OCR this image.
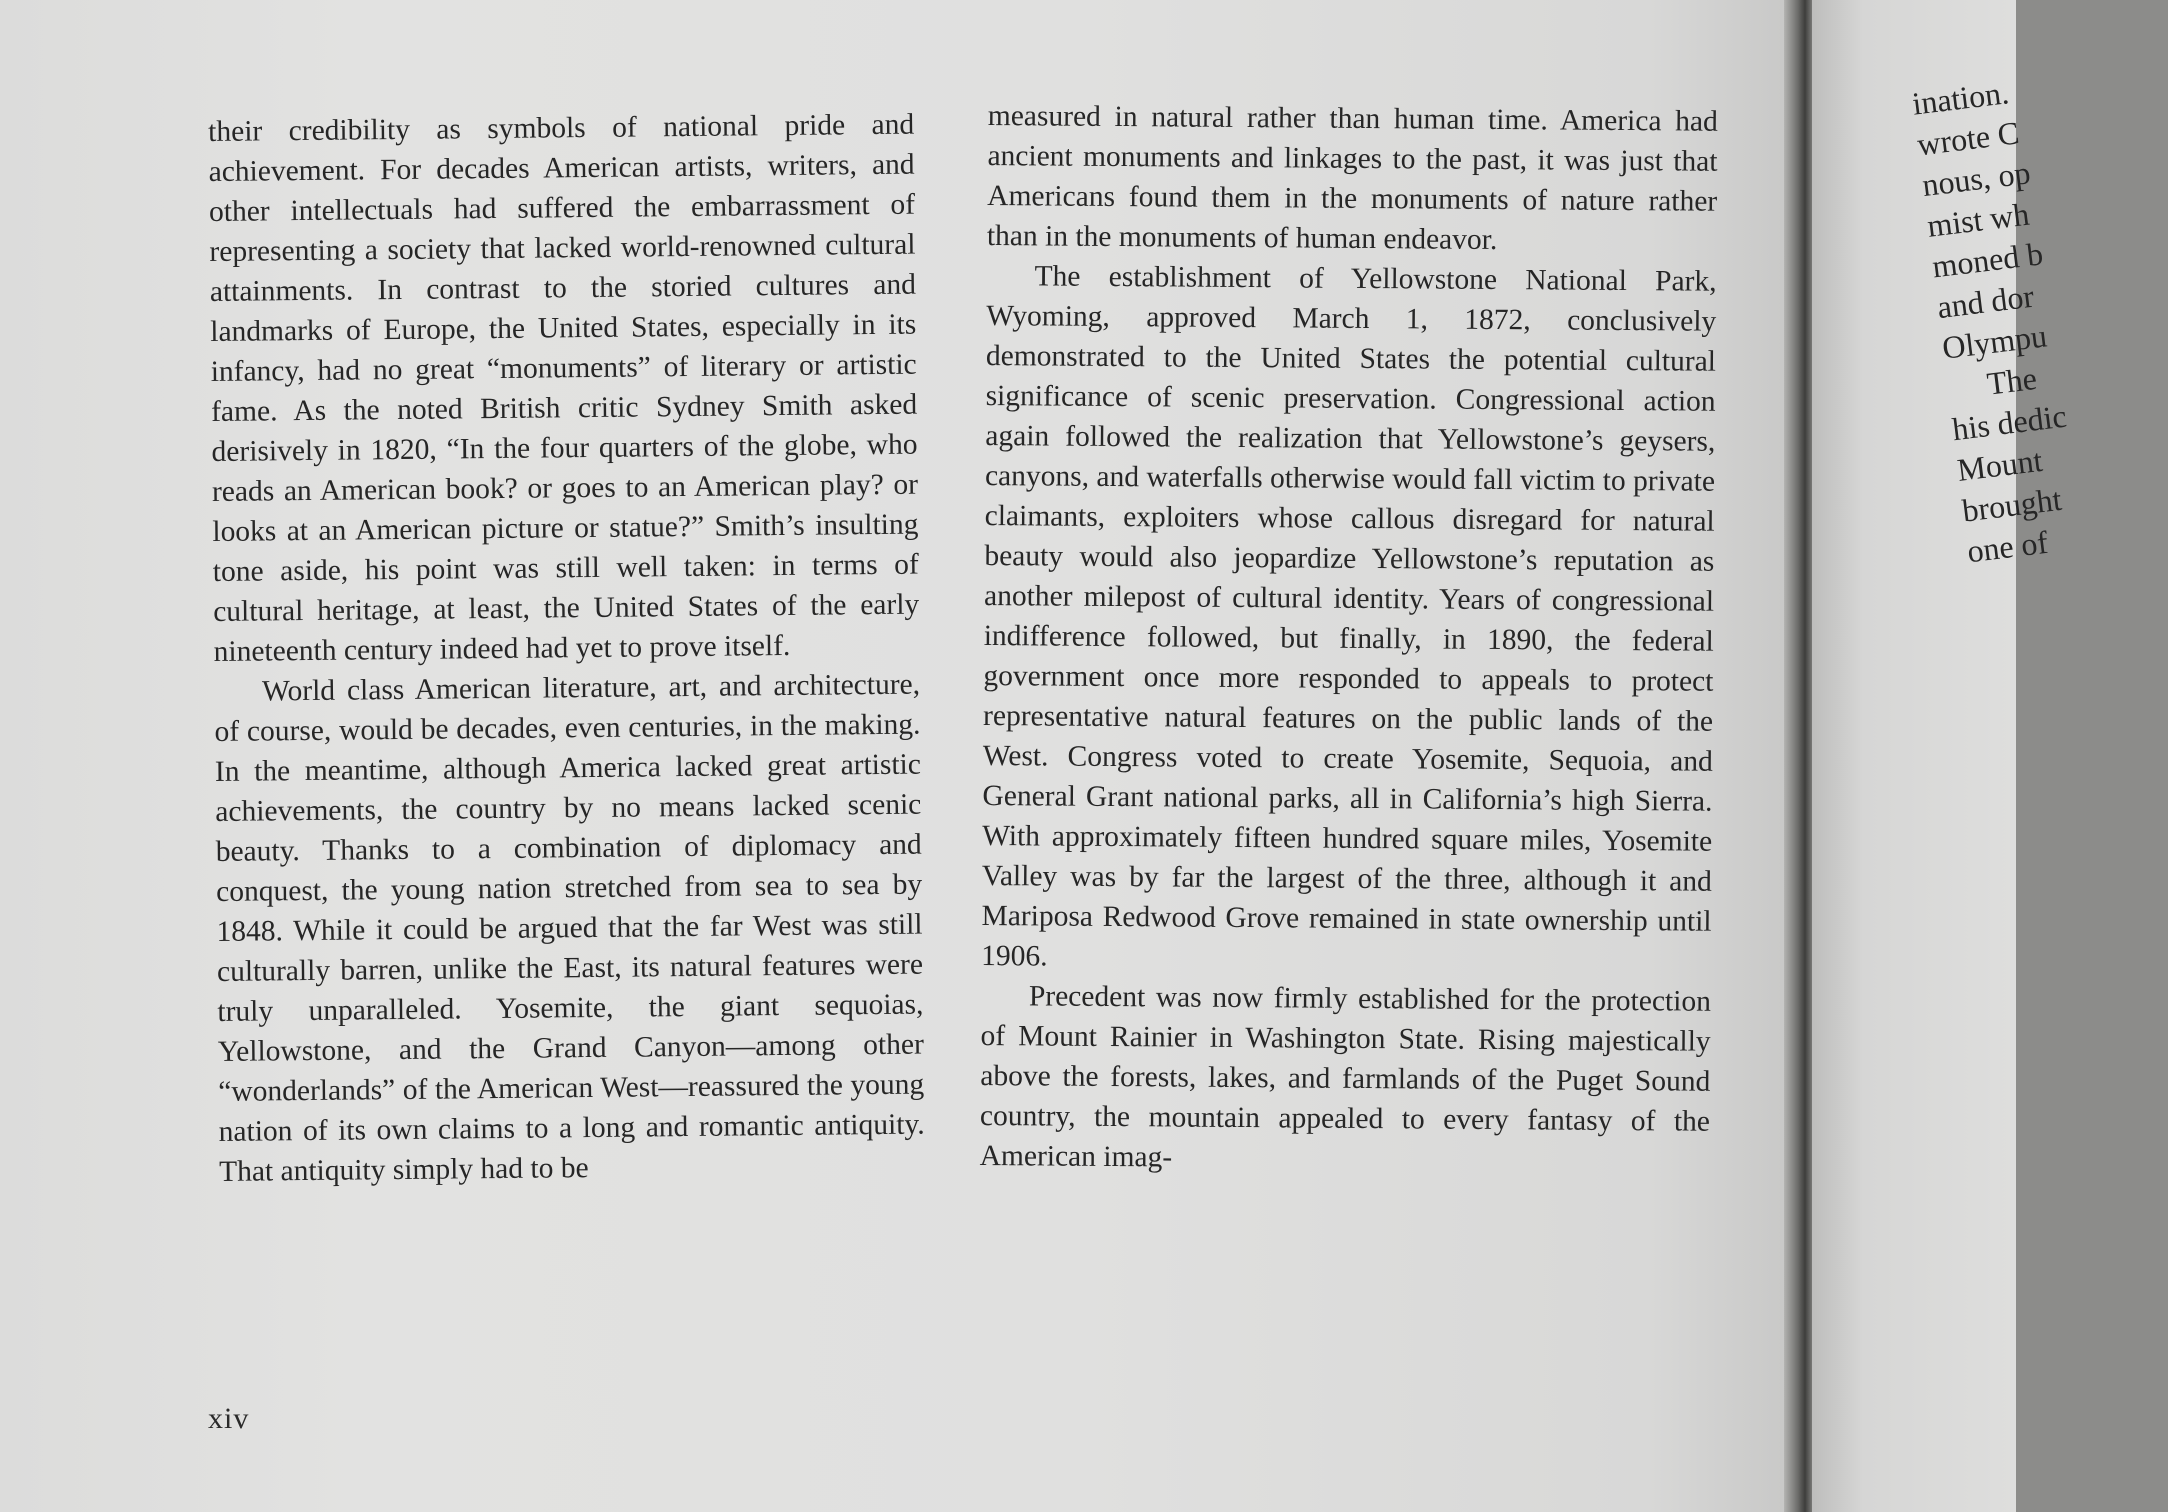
their credibility as symbols of national pride and achievement. For decades American artists, writers, and other intellectuals had suffered the embarrassment of representing a society that lacked world-renowned cultural attainments. In contrast to the storied cultures and landmarks of Europe, the United States, especially in its infancy, had no great “monuments” of literary or artistic fame. As the noted British critic Sydney Smith asked derisively in 1820, “In the four quarters of the globe, who reads an American book? or goes to an American play? or looks at an American picture or statue?” Smith’s insulting tone aside, his point was still well taken: in terms of cultural heritage, at least, the United States of the early nineteenth century indeed had yet to prove itself.

World class American literature, art, and architecture, of course, would be decades, even centuries, in the making. In the meantime, although America lacked great artistic achievements, the country by no means lacked scenic beauty. Thanks to a combination of diplomacy and conquest, the young nation stretched from sea to sea by 1848. While it could be argued that the far West was still culturally barren, unlike the East, its natural features were truly unparalleled. Yosemite, the giant sequoias, Yellowstone, and the Grand Canyon—among other “wonderlands” of the American West—reassured the young nation of its own claims to a long and romantic antiquity. That antiquity simply had to be

measured in natural rather than human time. America had ancient monuments and linkages to the past, it was just that Americans found them in the monuments of nature rather than in the monuments of human endeavor.

The establishment of Yellowstone National Park, Wyoming, approved March 1, 1872, conclusively demonstrated to the United States the potential cultural significance of scenic preservation. Congressional action again followed the realization that Yellowstone’s geysers, canyons, and waterfalls otherwise would fall victim to private claimants, exploiters whose callous disregard for natural beauty would also jeopardize Yellowstone’s reputation as another milepost of cultural identity. Years of congressional indifference followed, but finally, in 1890, the federal government once more responded to appeals to protect representative natural features on the public lands of the West. Congress voted to create Yosemite, Sequoia, and General Grant national parks, all in California’s high Sierra. With approximately fifteen hundred square miles, Yosemite Valley was by far the largest of the three, although it and Mariposa Redwood Grove remained in state ownership until 1906.

Precedent was now firmly established for the protection of Mount Rainier in Washington State. Rising majestically above the forests, lakes, and farmlands of the Puget Sound country, the mountain appealed to every fantasy of the American imag-

xiv
ination.
wrote C
nous, op
mist wh
moned b
and dor
Olympu
The
his dedic
Mount
brought
one of
